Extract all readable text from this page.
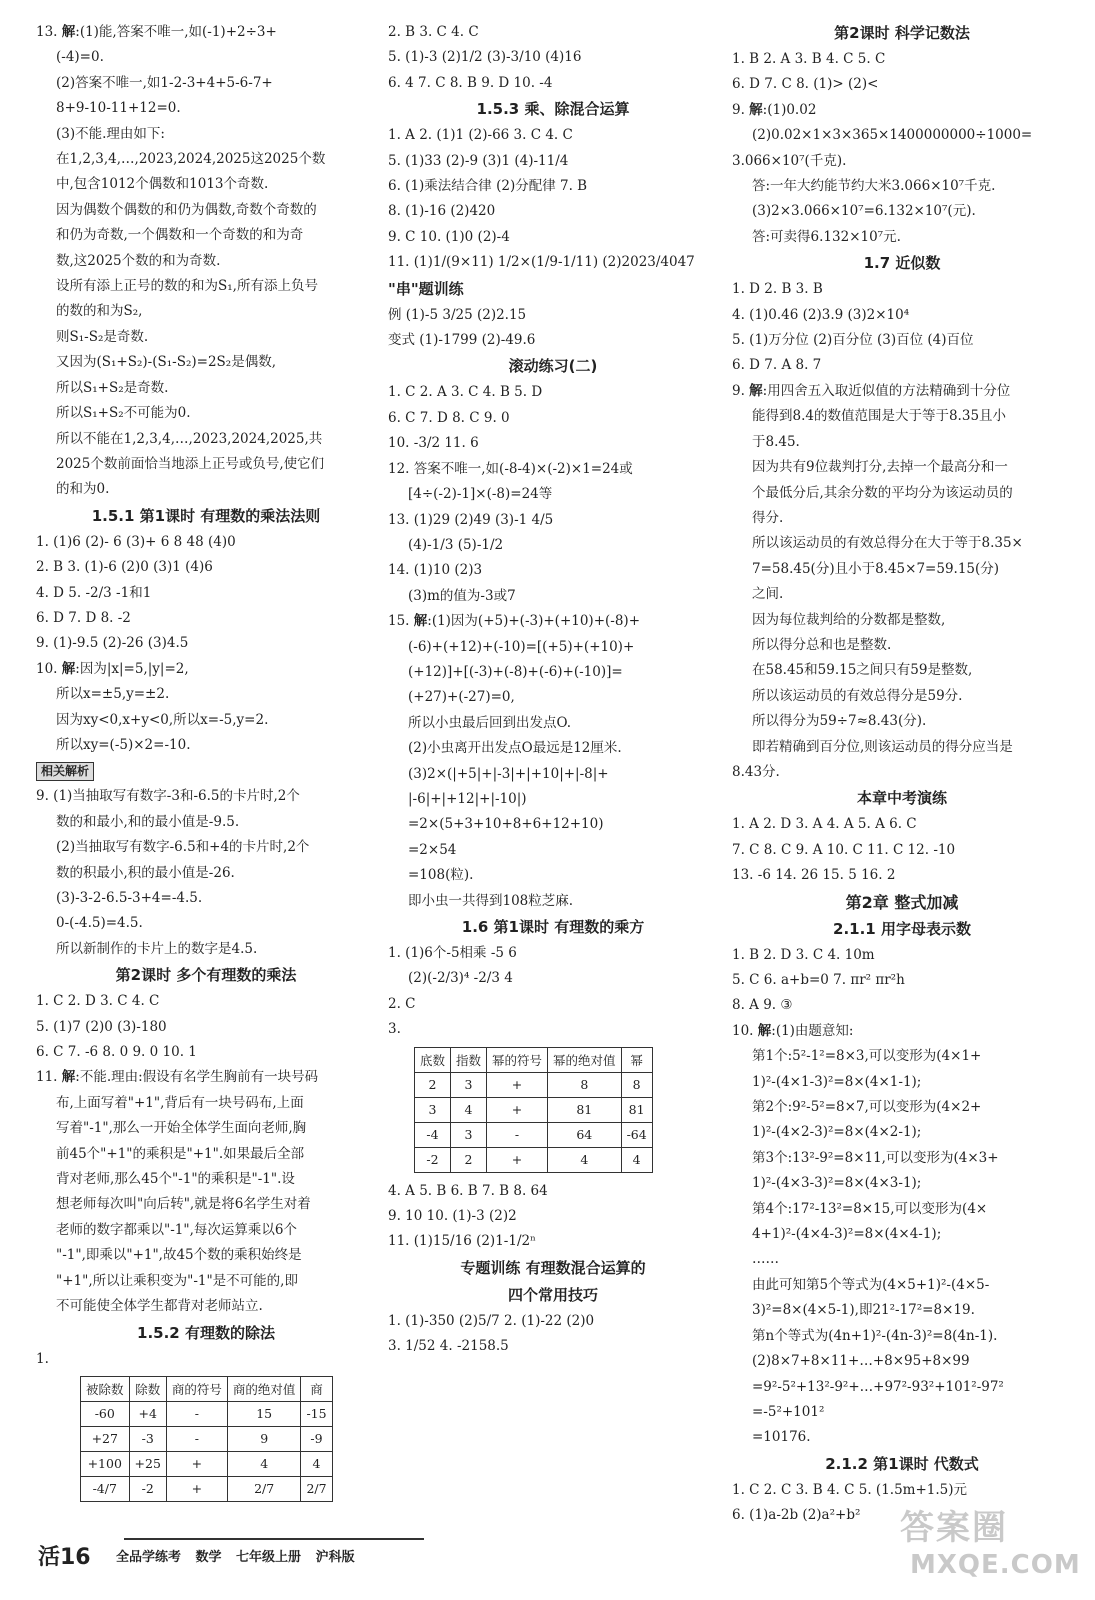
13. 解:(1)能,答案不唯一,如(-1)+2÷3+
(-4)=0.
(2)答案不唯一,如1-2-3+4+5-6-7+
8+9-10-11+12=0.
(3)不能.理由如下:
在1,2,3,4,…,2023,2024,2025这2025个数
中,包含1012个偶数和1013个奇数.
因为偶数个偶数的和仍为偶数,奇数个奇数的
和仍为奇数,一个偶数和一个奇数的和为奇
数,这2025个数的和为奇数.
设所有添上正号的数的和为S₁,所有添上负号
的数的和为S₂,
则S₁-S₂是奇数.
又因为(S₁+S₂)-(S₁-S₂)=2S₂是偶数,
所以S₁+S₂是奇数.
所以S₁+S₂不可能为0.
所以不能在1,2,3,4,…,2023,2024,2025,共
2025个数前面恰当地添上正号或负号,使它们
的和为0.
1.5.1 第1课时 有理数的乘法法则
1. (1)6 (2)- 6 (3)+ 6 8 48 (4)0
2. B 3. (1)-6 (2)0 (3)1 (4)6
4. D 5. -2/3 -1和1
6. D 7. D 8. -2
9. (1)-9.5 (2)-26 (3)4.5
10. 解:因为|x|=5,|y|=2,
所以x=±5,y=±2.
因为xy<0,x+y<0,所以x=-5,y=2.
所以xy=(-5)×2=-10.
相关解析
9. (1)当抽取写有数字-3和-6.5的卡片时,2个
数的和最小,和的最小值是-9.5.
(2)当抽取写有数字-6.5和+4的卡片时,2个
数的积最小,积的最小值是-26.
(3)-3-2-6.5-3+4=-4.5.
0-(-4.5)=4.5.
所以新制作的卡片上的数字是4.5.
第2课时 多个有理数的乘法
1. C 2. D 3. C 4. C
5. (1)7 (2)0 (3)-180
6. C 7. -6 8. 0 9. 0 10. 1
11. 解:不能.理由:假设有名学生胸前有一块号码
布,上面写着"+1",背后有一块号码布,上面
写着"-1",那么一开始全体学生面向老师,胸
前45个"+1"的乘积是"+1".如果最后全部
背对老师,那么45个"-1"的乘积是"-1".设
想老师每次叫"向后转",就是将6名学生对着
老师的数字都乘以"-1",每次运算乘以6个
"-1",即乘以"+1",故45个数的乘积始终是
"+1",所以让乘积变为"-1"是不可能的,即
不可能使全体学生都背对老师站立.
1.5.2 有理数的除法
1.
被除数	除数	商的符号	商的绝对值	商
-60	+4	-	15	-15
+27	-3	-	9	-9
+100	+25	+	4	4
-4/7	-2	+	2/7	2/7
2. B 3. C 4. C
5. (1)-3 (2)1/2 (3)-3/10 (4)16
6. 4 7. C 8. B 9. D 10. -4
1.5.3 乘、除混合运算
1. A 2. (1)1 (2)-66 3. C 4. C
5. (1)33 (2)-9 (3)1 (4)-11/4
6. (1)乘法结合律 (2)分配律 7. B
8. (1)-16 (2)420
9. C 10. (1)0 (2)-4
11. (1)1/(9×11) 1/2×(1/9-1/11) (2)2023/4047
"串"题训练
例 (1)-5 3/25 (2)2.15
变式 (1)-1799 (2)-49.6
滚动练习(二)
1. C 2. A 3. C 4. B 5. D
6. C 7. D 8. C 9. 0
10. -3/2 11. 6
12. 答案不唯一,如(-8-4)×(-2)×1=24或
[4÷(-2)-1]×(-8)=24等
13. (1)29 (2)49 (3)-1 4/5
(4)-1/3 (5)-1/2
14. (1)10 (2)3
(3)m的值为-3或7
15. 解:(1)因为(+5)+(-3)+(+10)+(-8)+
(-6)+(+12)+(-10)=[(+5)+(+10)+
(+12)]+[(-3)+(-8)+(-6)+(-10)]=
(+27)+(-27)=0,
所以小虫最后回到出发点O.
(2)小虫离开出发点O最远是12厘米.
(3)2×(|+5|+|-3|+|+10|+|-8|+
|-6|+|+12|+|-10|)
=2×(5+3+10+8+6+12+10)
=2×54
=108(粒).
即小虫一共得到108粒芝麻.
1.6 第1课时 有理数的乘方
1. (1)6个-5相乘 -5 6
(2)(-2/3)⁴ -2/3 4
2. C
3.
底数	指数	幂的符号	幂的绝对值	幂
2	3	+	8	8
3	4	+	81	81
-4	3	-	64	-64
-2	2	+	4	4
4. A 5. B 6. B 7. B 8. 64
9. 10 10. (1)-3 (2)2
11. (1)15/16 (2)1-1/2ⁿ
专题训练 有理数混合运算的
四个常用技巧
1. (1)-350 (2)5/7 2. (1)-22 (2)0
3. 1/52 4. -2158.5
第2课时 科学记数法
1. B 2. A 3. B 4. C 5. C
6. D 7. C 8. (1)> (2)<
9. 解:(1)0.02
(2)0.02×1×3×365×1400000000÷1000=
3.066×10⁷(千克).
答:一年大约能节约大米3.066×10⁷千克.
(3)2×3.066×10⁷=6.132×10⁷(元).
答:可卖得6.132×10⁷元.
1.7 近似数
1. D 2. B 3. B
4. (1)0.46 (2)3.9 (3)2×10⁴
5. (1)万分位 (2)百分位 (3)百位 (4)百位
6. D 7. A 8. 7
9. 解:用四舍五入取近似值的方法精确到十分位
能得到8.4的数值范围是大于等于8.35且小
于8.45.
因为共有9位裁判打分,去掉一个最高分和一
个最低分后,其余分数的平均分为该运动员的
得分.
所以该运动员的有效总得分在大于等于8.35×
7=58.45(分)且小于8.45×7=59.15(分)
之间.
因为每位裁判给的分数都是整数,
所以得分总和也是整数.
在58.45和59.15之间只有59是整数,
所以该运动员的有效总得分是59分.
所以得分为59÷7≈8.43(分).
即若精确到百分位,则该运动员的得分应当是
8.43分.
本章中考演练
1. A 2. D 3. A 4. A 5. A 6. C
7. C 8. C 9. A 10. C 11. C 12. -10
13. -6 14. 26 15. 5 16. 2
第2章 整式加减
2.1.1 用字母表示数
1. B 2. D 3. C 4. 10m
5. C 6. a+b=0 7. πr² πr²h
8. A 9. ③
10. 解:(1)由题意知:
第1个:5²-1²=8×3,可以变形为(4×1+
1)²-(4×1-3)²=8×(4×1-1);
第2个:9²-5²=8×7,可以变形为(4×2+
1)²-(4×2-3)²=8×(4×2-1);
第3个:13²-9²=8×11,可以变形为(4×3+
1)²-(4×3-3)²=8×(4×3-1);
第4个:17²-13²=8×15,可以变形为(4×
4+1)²-(4×4-3)²=8×(4×4-1);
……
由此可知第5个等式为(4×5+1)²-(4×5-
3)²=8×(4×5-1),即21²-17²=8×19.
第n个等式为(4n+1)²-(4n-3)²=8(4n-1).
(2)8×7+8×11+…+8×95+8×99
=9²-5²+13²-9²+…+97²-93²+101²-97²
=-5²+101²
=10176.
2.1.2 第1课时 代数式
1. C 2. C 3. B 4. C 5. (1.5m+1.5)元
6. (1)a-2b (2)a²+b²
活16 全品学练考 数学 七年级上册 沪科版
答案圈
MXQE.COM
